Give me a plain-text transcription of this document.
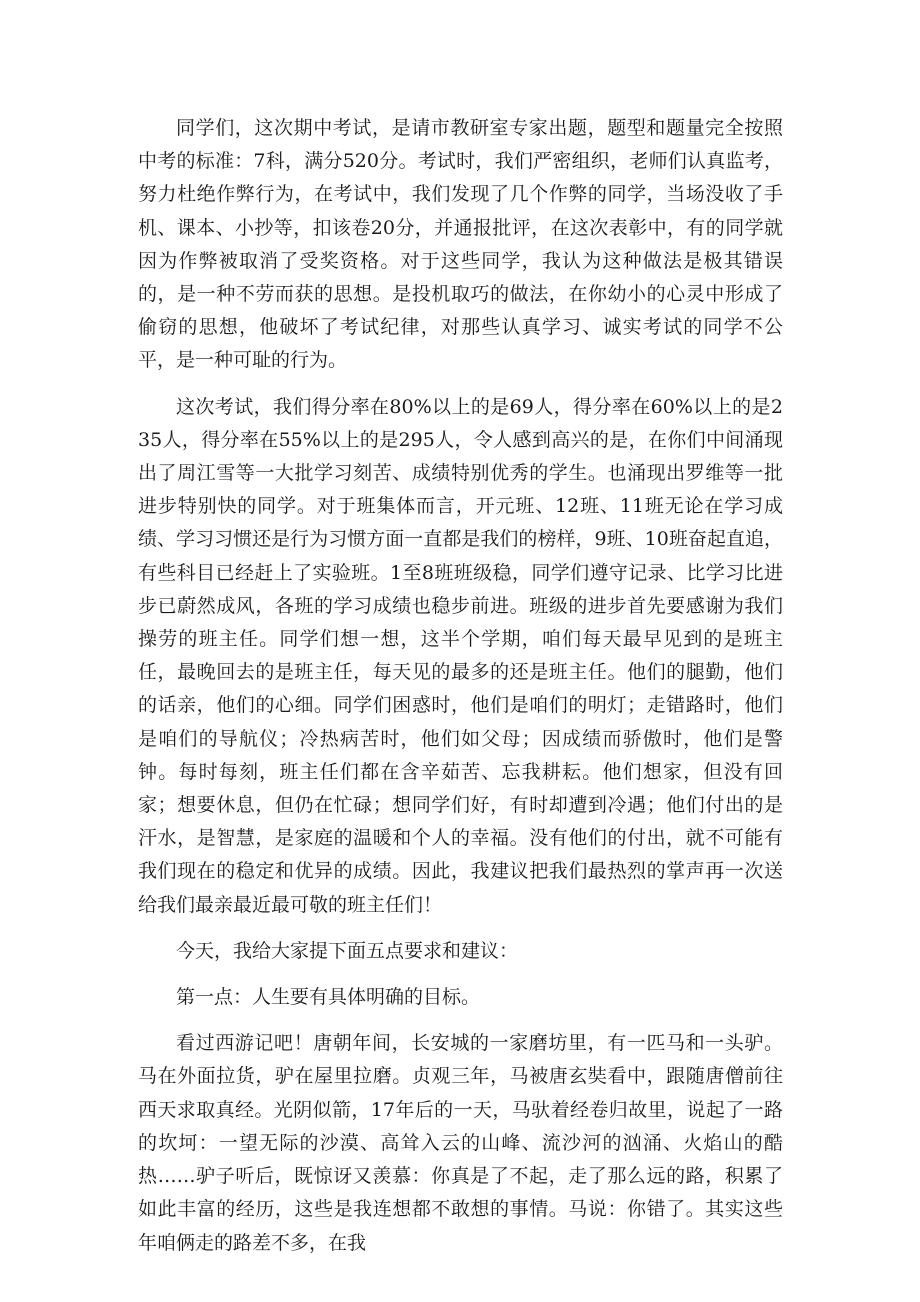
同学们，这次期中考试，是请市教研室专家出题，题型和题量完全按照中考的标准：7科，满分520分。考试时，我们严密组织，老师们认真监考，努力杜绝作弊行为，在考试中，我们发现了几个作弊的同学，当场没收了手机、课本、小抄等，扣该卷20分，并通报批评，在这次表彰中，有的同学就因为作弊被取消了受奖资格。对于这些同学，我认为这种做法是极其错误的，是一种不劳而获的思想。是投机取巧的做法，在你幼小的心灵中形成了偷窃的思想，他破坏了考试纪律，对那些认真学习、诚实考试的同学不公平，是一种可耻的行为。

这次考试，我们得分率在80%以上的是69人，得分率在60%以上的是235人，得分率在55%以上的是295人，令人感到高兴的是，在你们中间涌现出了周江雪等一大批学习刻苦、成绩特别优秀的学生。也涌现出罗维等一批进步特别快的同学。对于班集体而言，开元班、12班、11班无论在学习成绩、学习习惯还是行为习惯方面一直都是我们的榜样，9班、10班奋起直追，有些科目已经赶上了实验班。1至8班班级稳，同学们遵守记录、比学习比进步已蔚然成风，各班的学习成绩也稳步前进。班级的进步首先要感谢为我们操劳的班主任。同学们想一想，这半个学期，咱们每天最早见到的是班主任，最晚回去的是班主任，每天见的最多的还是班主任。他们的腿勤，他们的话亲，他们的心细。同学们困惑时，他们是咱们的明灯；走错路时，他们是咱们的导航仪；冷热病苦时，他们如父母；因成绩而骄傲时，他们是警钟。每时每刻，班主任们都在含辛茹苦、忘我耕耘。他们想家，但没有回家；想要休息，但仍在忙碌；想同学们好，有时却遭到冷遇；他们付出的是汗水，是智慧，是家庭的温暖和个人的幸福。没有他们的付出，就不可能有我们现在的稳定和优异的成绩。因此，我建议把我们最热烈的掌声再一次送给我们最亲最近最可敬的班主任们！

今天，我给大家提下面五点要求和建议：

第一点：人生要有具体明确的目标。

看过西游记吧！唐朝年间，长安城的一家磨坊里，有一匹马和一头驴。马在外面拉货，驴在屋里拉磨。贞观三年，马被唐玄奘看中，跟随唐僧前往西天求取真经。光阴似箭，17年后的一天，马驮着经卷归故里，说起了一路的坎坷：一望无际的沙漠、高耸入云的山峰、流沙河的汹涌、火焰山的酷热……驴子听后，既惊讶又羡慕：你真是了不起，走了那么远的路，积累了如此丰富的经历，这些是我连想都不敢想的事情。马说：你错了。其实这些年咱俩走的路差不多，在我
